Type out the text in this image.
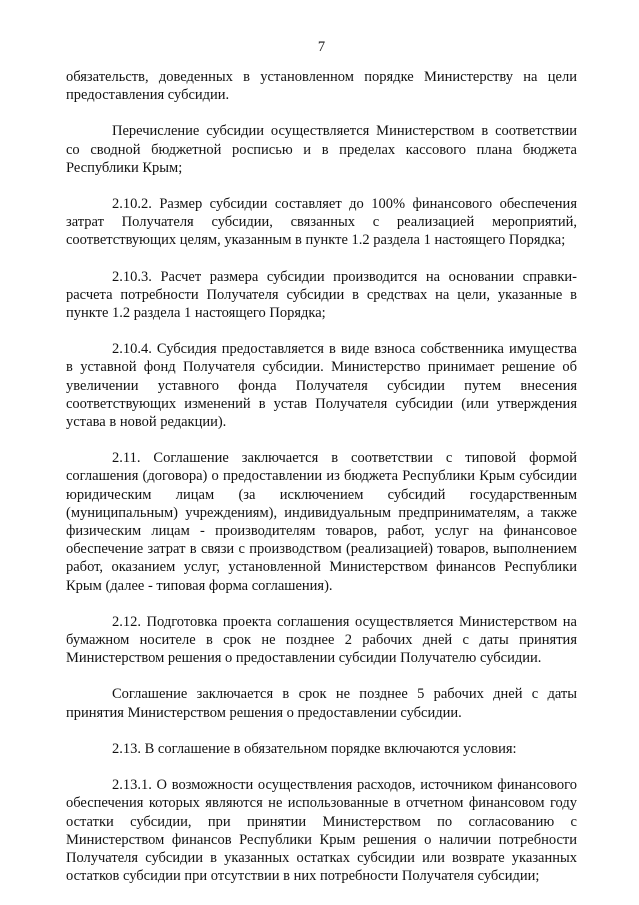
7

обязательств, доведенных в установленном порядке Министерству на цели предоставления субсидии.

Перечисление субсидии осуществляется Министерством в соответствии со сводной бюджетной росписью и в пределах кассового плана бюджета Республики Крым;

2.10.2. Размер субсидии составляет до 100% финансового обеспечения затрат Получателя субсидии, связанных с реализацией мероприятий, соответствующих целям, указанным в пункте 1.2 раздела 1 настоящего Порядка;

2.10.3. Расчет размера субсидии производится на основании справки-расчета потребности Получателя субсидии в средствах на цели, указанные в пункте 1.2 раздела 1 настоящего Порядка;

2.10.4. Субсидия предоставляется в виде взноса собственника имущества в уставной фонд Получателя субсидии. Министерство принимает решение об увеличении уставного фонда Получателя субсидии путем внесения соответствующих изменений в устав Получателя субсидии (или утверждения устава в новой редакции).

2.11. Соглашение заключается в соответствии с типовой формой соглашения (договора) о предоставлении из бюджета Республики Крым субсидии юридическим лицам (за исключением субсидий государственным (муниципальным) учреждениям), индивидуальным предпринимателям, а также физическим лицам - производителям товаров, работ, услуг на финансовое обеспечение затрат в связи с производством (реализацией) товаров, выполнением работ, оказанием услуг, установленной Министерством финансов Республики Крым (далее - типовая форма соглашения).

2.12. Подготовка проекта соглашения осуществляется Министерством на бумажном носителе в срок не позднее 2 рабочих дней с даты принятия Министерством решения о предоставлении субсидии Получателю субсидии.

Соглашение заключается в срок не позднее 5 рабочих дней с даты принятия Министерством решения о предоставлении субсидии.

2.13. В соглашение в обязательном порядке включаются условия:

2.13.1. О возможности осуществления расходов, источником финансового обеспечения которых являются не использованные в отчетном финансовом году остатки субсидии, при принятии Министерством по согласованию с Министерством финансов Республики Крым решения о наличии потребности Получателя субсидии в указанных остатках субсидии или возврате указанных остатков субсидии при отсутствии в них потребности Получателя субсидии;
